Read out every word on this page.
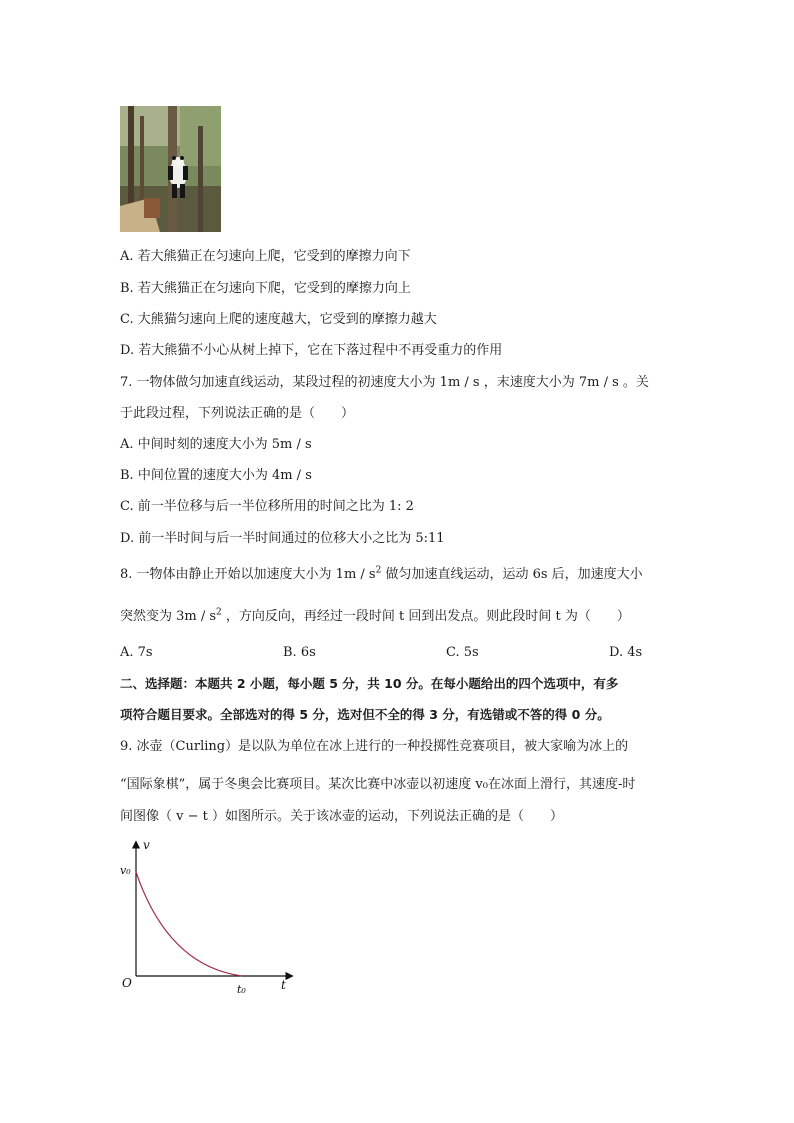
A. 若大熊猫正在匀速向上爬，它受到的摩擦力向下
B. 若大熊猫正在匀速向下爬，它受到的摩擦力向上
C. 大熊猫匀速向上爬的速度越大，它受到的摩擦力越大
D. 若大熊猫不小心从树上掉下，它在下落过程中不再受重力的作用
7. 一物体做匀加速直线运动，某段过程的初速度大小为 1m / s ，末速度大小为 7m / s 。关
于此段过程，下列说法正确的是（　　）
A. 中间时刻的速度大小为 5m / s
B. 中间位置的速度大小为 4m / s
C. 前一半位移与后一半位移所用的时间之比为 1: 2
D. 前一半时间与后一半时间通过的位移大小之比为 5:11
8. 一物体由静止开始以加速度大小为 $1m / s^2$ 做匀加速直线运动，运动 6s 后，加速度大小
突然变为 $3m / s^2$ ，方向反向，再经过一段时间 t 回到出发点。则此段时间 t 为（　　）
A. 7s	B. 6s	C. 5s	D. 4s
二、选择题：本题共 2 小题，每小题 5 分，共 10 分。在每小题给出的四个选项中，有多
项符合题目要求。全部选对的得 5 分，选对但不全的得 3 分，有选错或不答的得 0 分。
9. 冰壶（Curling）是以队为单位在冰上进行的一种投掷性竞赛项目，被大家喻为冰上的
“国际象棋”，属于冬奥会比赛项目。某次比赛中冰壶以初速度 v₀在冰面上滑行，其速度-时
间图像（ v − t ）如图所示。关于该冰壶的运动，下列说法正确的是（　　）
v
t
O
v₀
t₀
